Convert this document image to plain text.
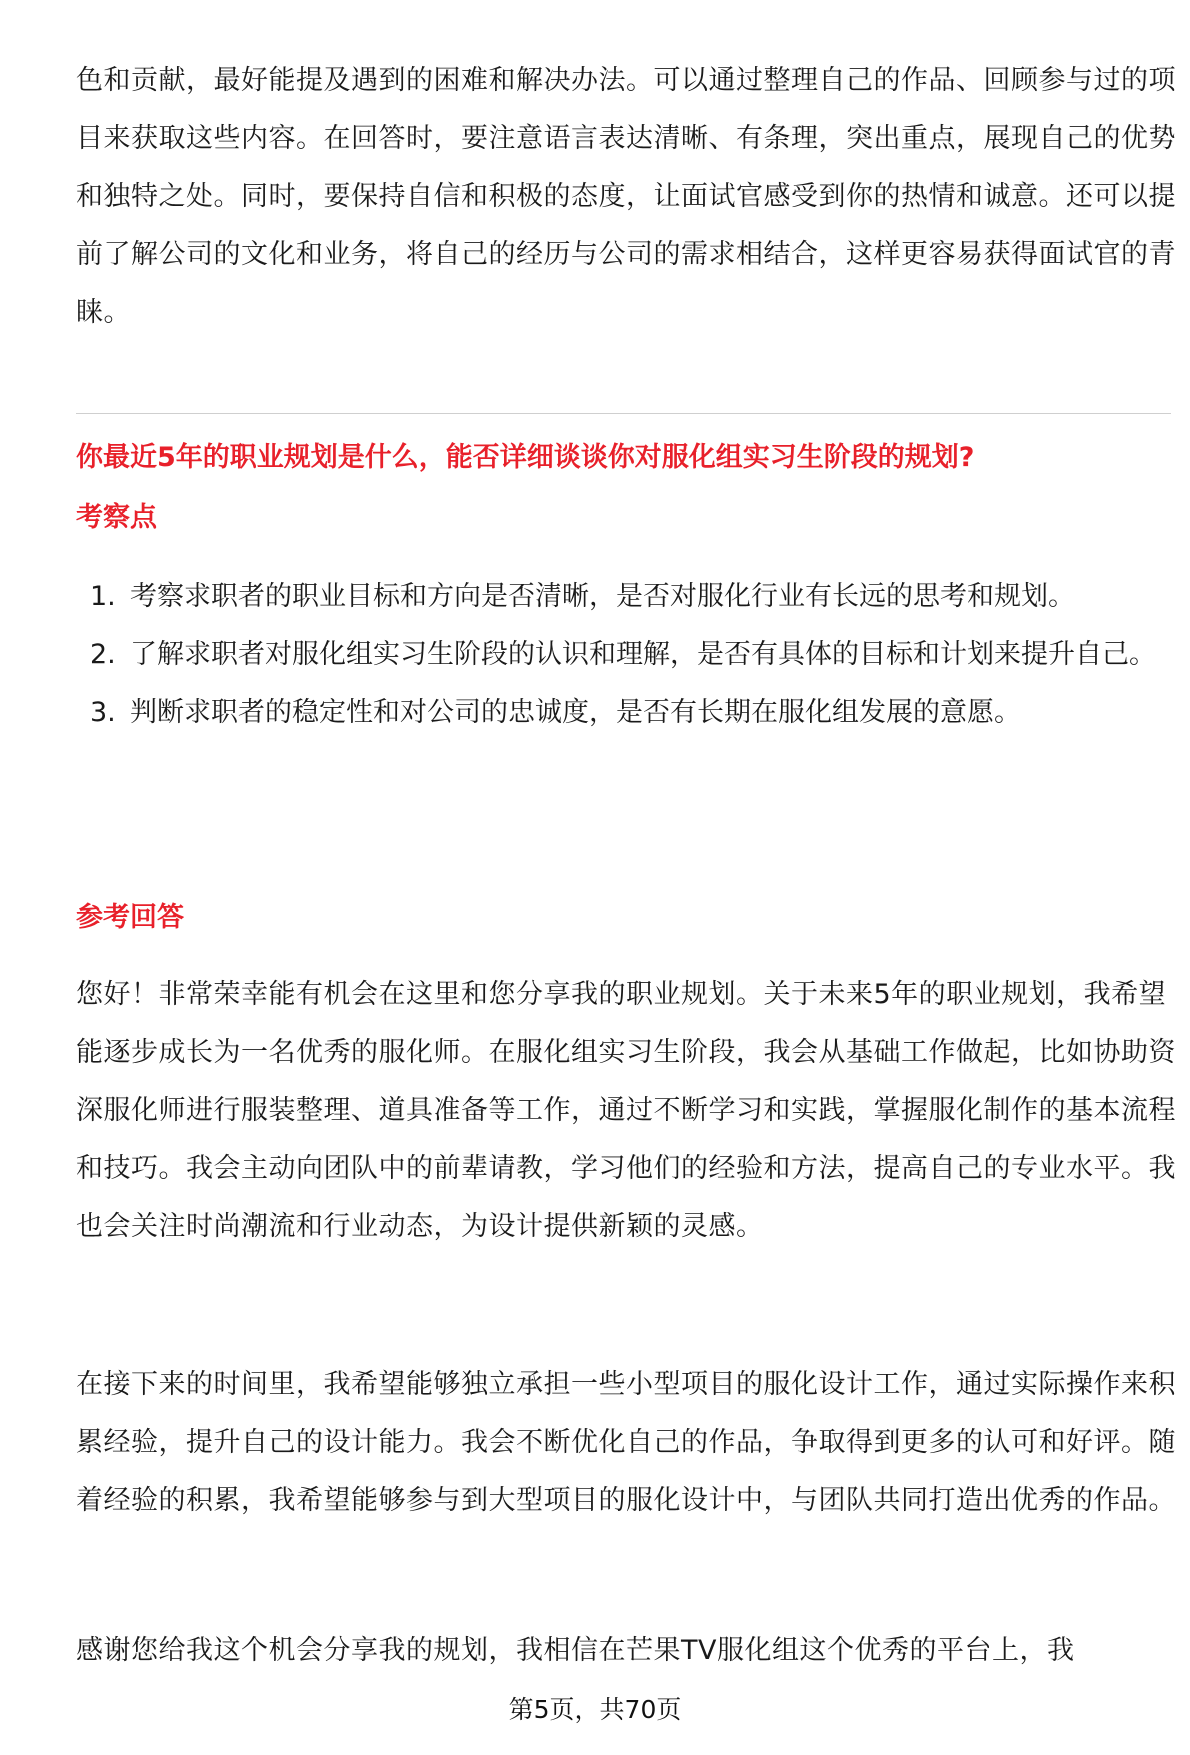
色和贡献，最好能提及遇到的困难和解决办法。可以通过整理自己的作品、回顾参与过的项目来获取这些内容。在回答时，要注意语言表达清晰、有条理，突出重点，展现自己的优势和独特之处。同时，要保持自信和积极的态度，让面试官感受到你的热情和诚意。还可以提前了解公司的文化和业务，将自己的经历与公司的需求相结合，这样更容易获得面试官的青睐。

你最近5年的职业规划是什么，能否详细谈谈你对服化组实习生阶段的规划?

考察点

1. 考察求职者的职业目标和方向是否清晰，是否对服化行业有长远的思考和规划。
2. 了解求职者对服化组实习生阶段的认识和理解，是否有具体的目标和计划来提升自己。
3. 判断求职者的稳定性和对公司的忠诚度，是否有长期在服化组发展的意愿。

参考回答

您好！非常荣幸能有机会在这里和您分享我的职业规划。关于未来5年的职业规划，我希望能逐步成长为一名优秀的服化师。在服化组实习生阶段，我会从基础工作做起，比如协助资深服化师进行服装整理、道具准备等工作，通过不断学习和实践，掌握服化制作的基本流程和技巧。我会主动向团队中的前辈请教，学习他们的经验和方法，提高自己的专业水平。我也会关注时尚潮流和行业动态，为设计提供新颖的灵感。

在接下来的时间里，我希望能够独立承担一些小型项目的服化设计工作，通过实际操作来积累经验，提升自己的设计能力。我会不断优化自己的作品，争取得到更多的认可和好评。随着经验的积累，我希望能够参与到大型项目的服化设计中，与团队共同打造出优秀的作品。

感谢您给我这个机会分享我的规划，我相信在芒果TV服化组这个优秀的平台上，我

第5页，共70页
